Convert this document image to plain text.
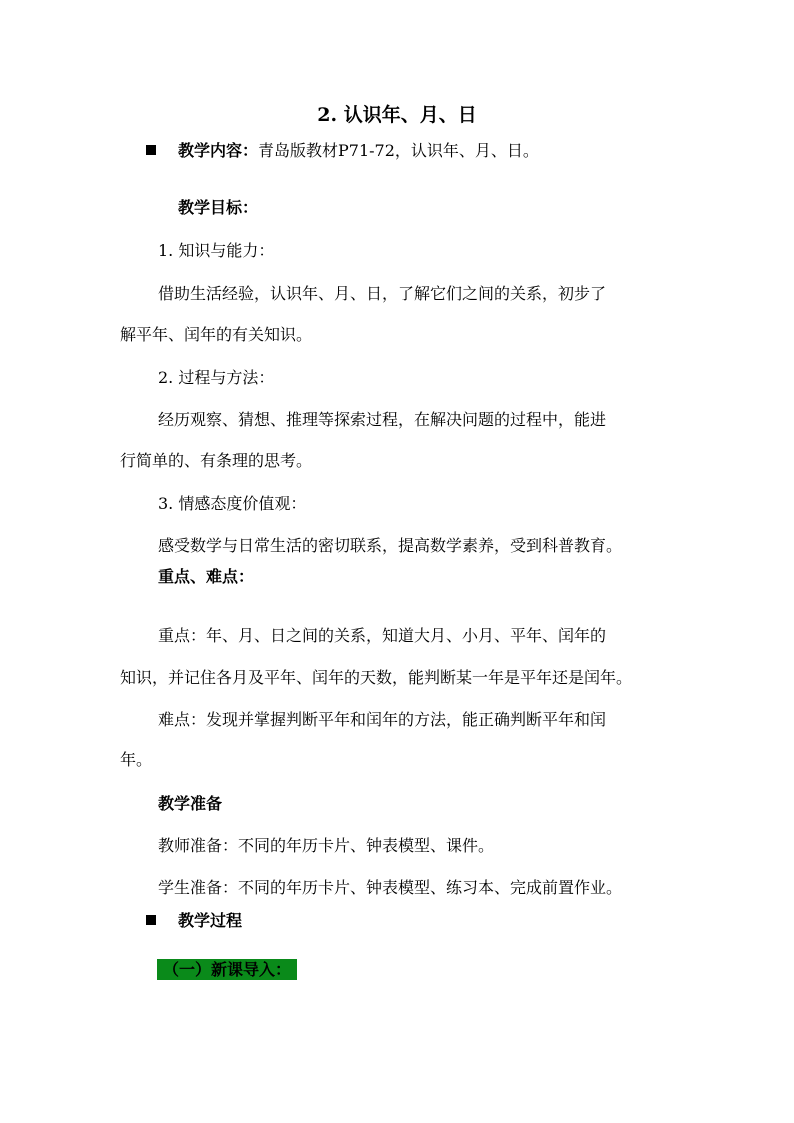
2. 认识年、月、日
教学内容：青岛版教材P71-72，认识年、月、日。
教学目标：
1. 知识与能力：
借助生活经验，认识年、月、日，了解它们之间的关系，初步了
解平年、闰年的有关知识。
2. 过程与方法：
经历观察、猜想、推理等探索过程，在解决问题的过程中，能进
行简单的、有条理的思考。
3. 情感态度价值观：
感受数学与日常生活的密切联系，提高数学素养，受到科普教育。
重点、难点：
重点：年、月、日之间的关系，知道大月、小月、平年、闰年的
知识，并记住各月及平年、闰年的天数，能判断某一年是平年还是闰年。
难点：发现并掌握判断平年和闰年的方法，能正确判断平年和闰
年。
教学准备
教师准备：不同的年历卡片、钟表模型、课件。
学生准备：不同的年历卡片、钟表模型、练习本、完成前置作业。
教学过程
（一）新课导入：
